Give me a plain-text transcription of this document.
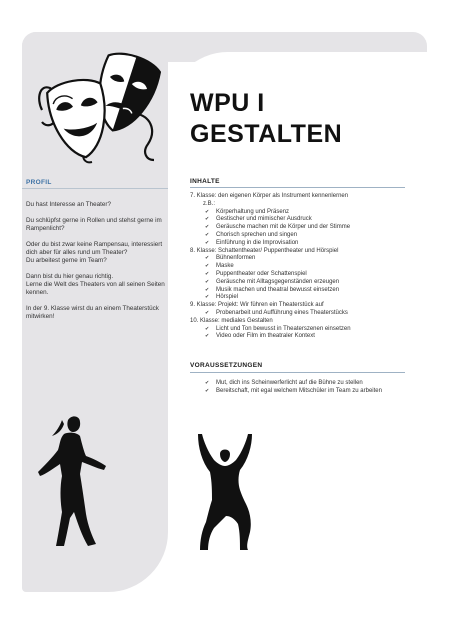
WPU I
GESTALTEN
PROFIL

Du hast Interesse an Theater?

Du schlüpfst gerne in Rollen und stehst gerne im Rampenlicht?

Oder du bist zwar keine Rampensau, interessiert dich aber für alles rund um Theater?
Du arbeitest gerne im Team?

Dann bist du hier genau richtig.
Lerne die Welt des Theaters von all seinen Seiten kennen.

In der 9. Klasse wirst du an einem Theaterstück mitwirken!

INHALTE
7. Klasse: den eigenen Körper als Instrument kennenlernen
z.B.:
✔ Körperhaltung und Präsenz
✔ Gestischer und mimischer Ausdruck
✔ Geräusche machen mit de Körper und der Stimme
✔ Chorisch sprechen und singen
✔ Einführung in die Improvisation
8. Klasse: Schattentheater/ Puppentheater und Hörspiel
✔ Bühnenformen
✔ Maske
✔ Puppentheater oder Schattenspiel
✔ Geräusche mit Alltagsgegenständen erzeugen
✔ Musik machen und theatral bewusst einsetzen
✔ Hörspiel
9. Klasse: Projekt: Wir führen ein Theaterstück auf
✔ Probenarbeit und Aufführung eines Theaterstücks
10. Klasse: mediales Gestalten
✔ Licht und Ton bewusst in Theaterszenen einsetzen
✔ Video oder Film im theatraler Kontext
VORAUSSETZUNGEN
✔ Mut, dich ins Scheinwerferlicht auf die Bühne zu stellen
✔ Bereitschaft, mit egal welchem Mitschüler im Team zu arbeiten
